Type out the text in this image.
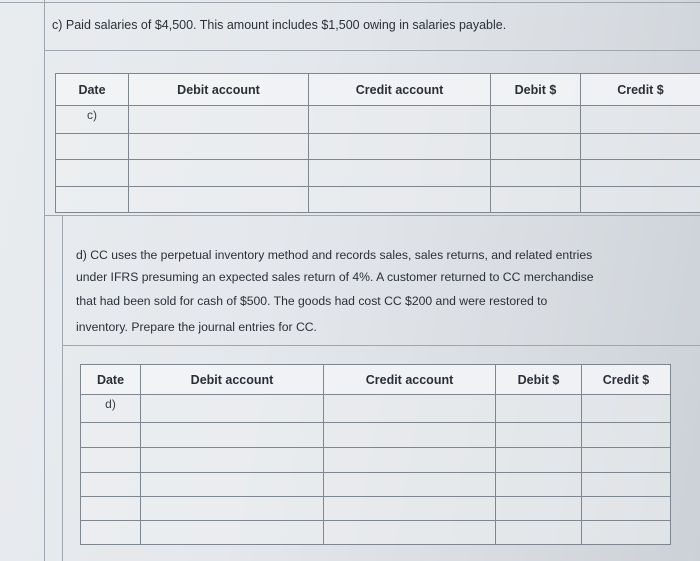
c) Paid salaries of $4,500. This amount includes $1,500 owing in salaries payable.
Date	Debit account	Credit account	Debit $	Credit $
c)				

d) CC uses the perpetual inventory method and records sales, sales returns, and related entries
under IFRS presuming an expected sales return of 4%. A customer returned to CC merchandise
that had been sold for cash of $500. The goods had cost CC $200 and were restored to
inventory. Prepare the journal entries for CC.
Date	Debit account	Credit account	Debit $	Credit $
d)				
